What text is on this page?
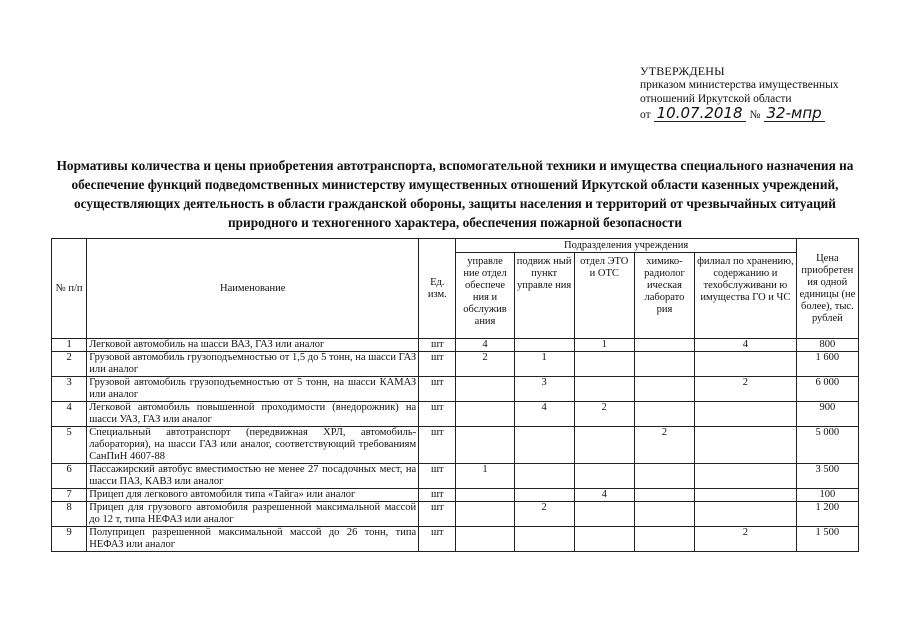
УТВЕРЖДЕНЫ
приказом министерства имущественных
отношений Иркутской области
от 10.07.2018 № 32-мпр
Нормативы количества и цены приобретения автотранспорта, вспомогательной техники и имущества специального назначения на обеспечение функций подведомственных министерству имущественных отношений Иркутской области казенных учреждений, осуществляющих деятельность в области гражданской обороны, защиты населения и территорий от чрезвычайных ситуаций природного и техногенного характера, обеспечения пожарной безопасности
№ п/п	Наименование	Ед. изм.	Подразделения учреждения					Цена приобретен ия одной единицы (не более), тыс. рублей
			управле ние отдел обеспече ния и обслужив ания	подвиж ный пункт управле ния	отдел ЭТО и ОТС	химико-радиолог ическая лаборато рия	филиал по хранению, содержанию и техобслуживани ю имущества ГО и ЧС	
1	Легковой автомобиль на шасси ВАЗ, ГАЗ или аналог	шт	4		1		4	800
2	Грузовой автомобиль грузоподъемностью от 1,5 до 5 тонн, на шасси ГАЗ или аналог	шт	2	1				1 600
3	Грузовой автомобиль грузоподъемностью от 5 тонн, на шасси КАМАЗ или аналог	шт		3			2	6 000
4	Легковой автомобиль повышенной проходимости (внедорожник) на шасси УАЗ, ГАЗ или аналог	шт		4	2			900
5	Специальный автотранспорт (передвижная ХРЛ, автомобиль-лаборатория), на шасси ГАЗ или аналог, соответствующий требованиям СанПиН 4607-88	шт				2		5 000
6	Пассажирский автобус вместимостью не менее 27 посадочных мест, на шасси ПАЗ, КАВЗ или аналог	шт	1					3 500
7	Прицеп для легкового автомобиля типа «Тайга» или аналог	шт			4			100
8	Прицеп для грузового автомобиля разрешенной максимальной массой до 12 т, типа НЕФАЗ или аналог	шт		2				1 200
9	Полуприцеп разрешенной максимальной массой до 26 тонн, типа НЕФАЗ или аналог	шт					2	1 500
